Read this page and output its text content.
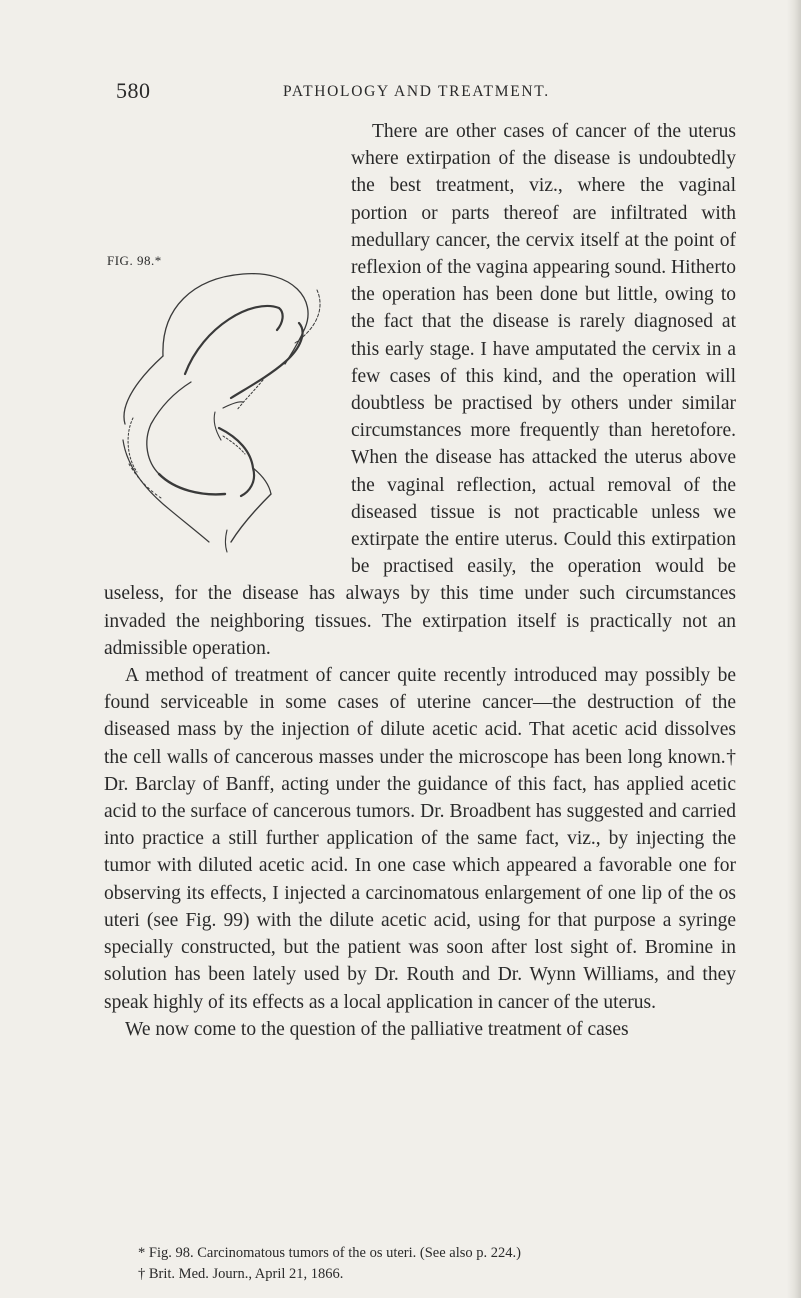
580	PATHOLOGY AND TREATMENT.
FIG. 98.*

There are other cases of cancer of the uterus where extirpation of the disease is undoubtedly the best treatment, viz., where the vaginal portion or parts thereof are infiltrated with medullary cancer, the cervix itself at the point of reflexion of the vagina appearing sound. Hitherto the operation has been done but little, owing to the fact that the disease is rarely diagnosed at this early stage. I have amputated the cervix in a few cases of this kind, and the operation will doubtless be practised by others under similar circumstances more frequently than heretofore. When the disease has attacked the uterus above the vaginal reflection, actual removal of the diseased tissue is not practicable unless we extirpate the entire uterus. Could this extirpation be practised easily, the operation would be useless, for the disease has always by this time under such circumstances invaded the neighboring tissues. The extirpation itself is practically not an admissible operation.

A method of treatment of cancer quite recently introduced may possibly be found serviceable in some cases of uterine cancer—the destruction of the diseased mass by the injection of dilute acetic acid. That acetic acid dissolves the cell walls of cancerous masses under the microscope has been long known.† Dr. Barclay of Banff, acting under the guidance of this fact, has applied acetic acid to the surface of cancerous tumors. Dr. Broadbent has suggested and carried into practice a still further application of the same fact, viz., by injecting the tumor with diluted acetic acid. In one case which appeared a favorable one for observing its effects, I injected a carcinomatous enlargement of one lip of the os uteri (see Fig. 99) with the dilute acetic acid, using for that purpose a syringe specially constructed, but the patient was soon after lost sight of. Bromine in solution has been lately used by Dr. Routh and Dr. Wynn Williams, and they speak highly of its effects as a local application in cancer of the uterus.

We now come to the question of the palliative treatment of cases

* Fig. 98. Carcinomatous tumors of the os uteri. (See also p. 224.)
† Brit. Med. Journ., April 21, 1866.
